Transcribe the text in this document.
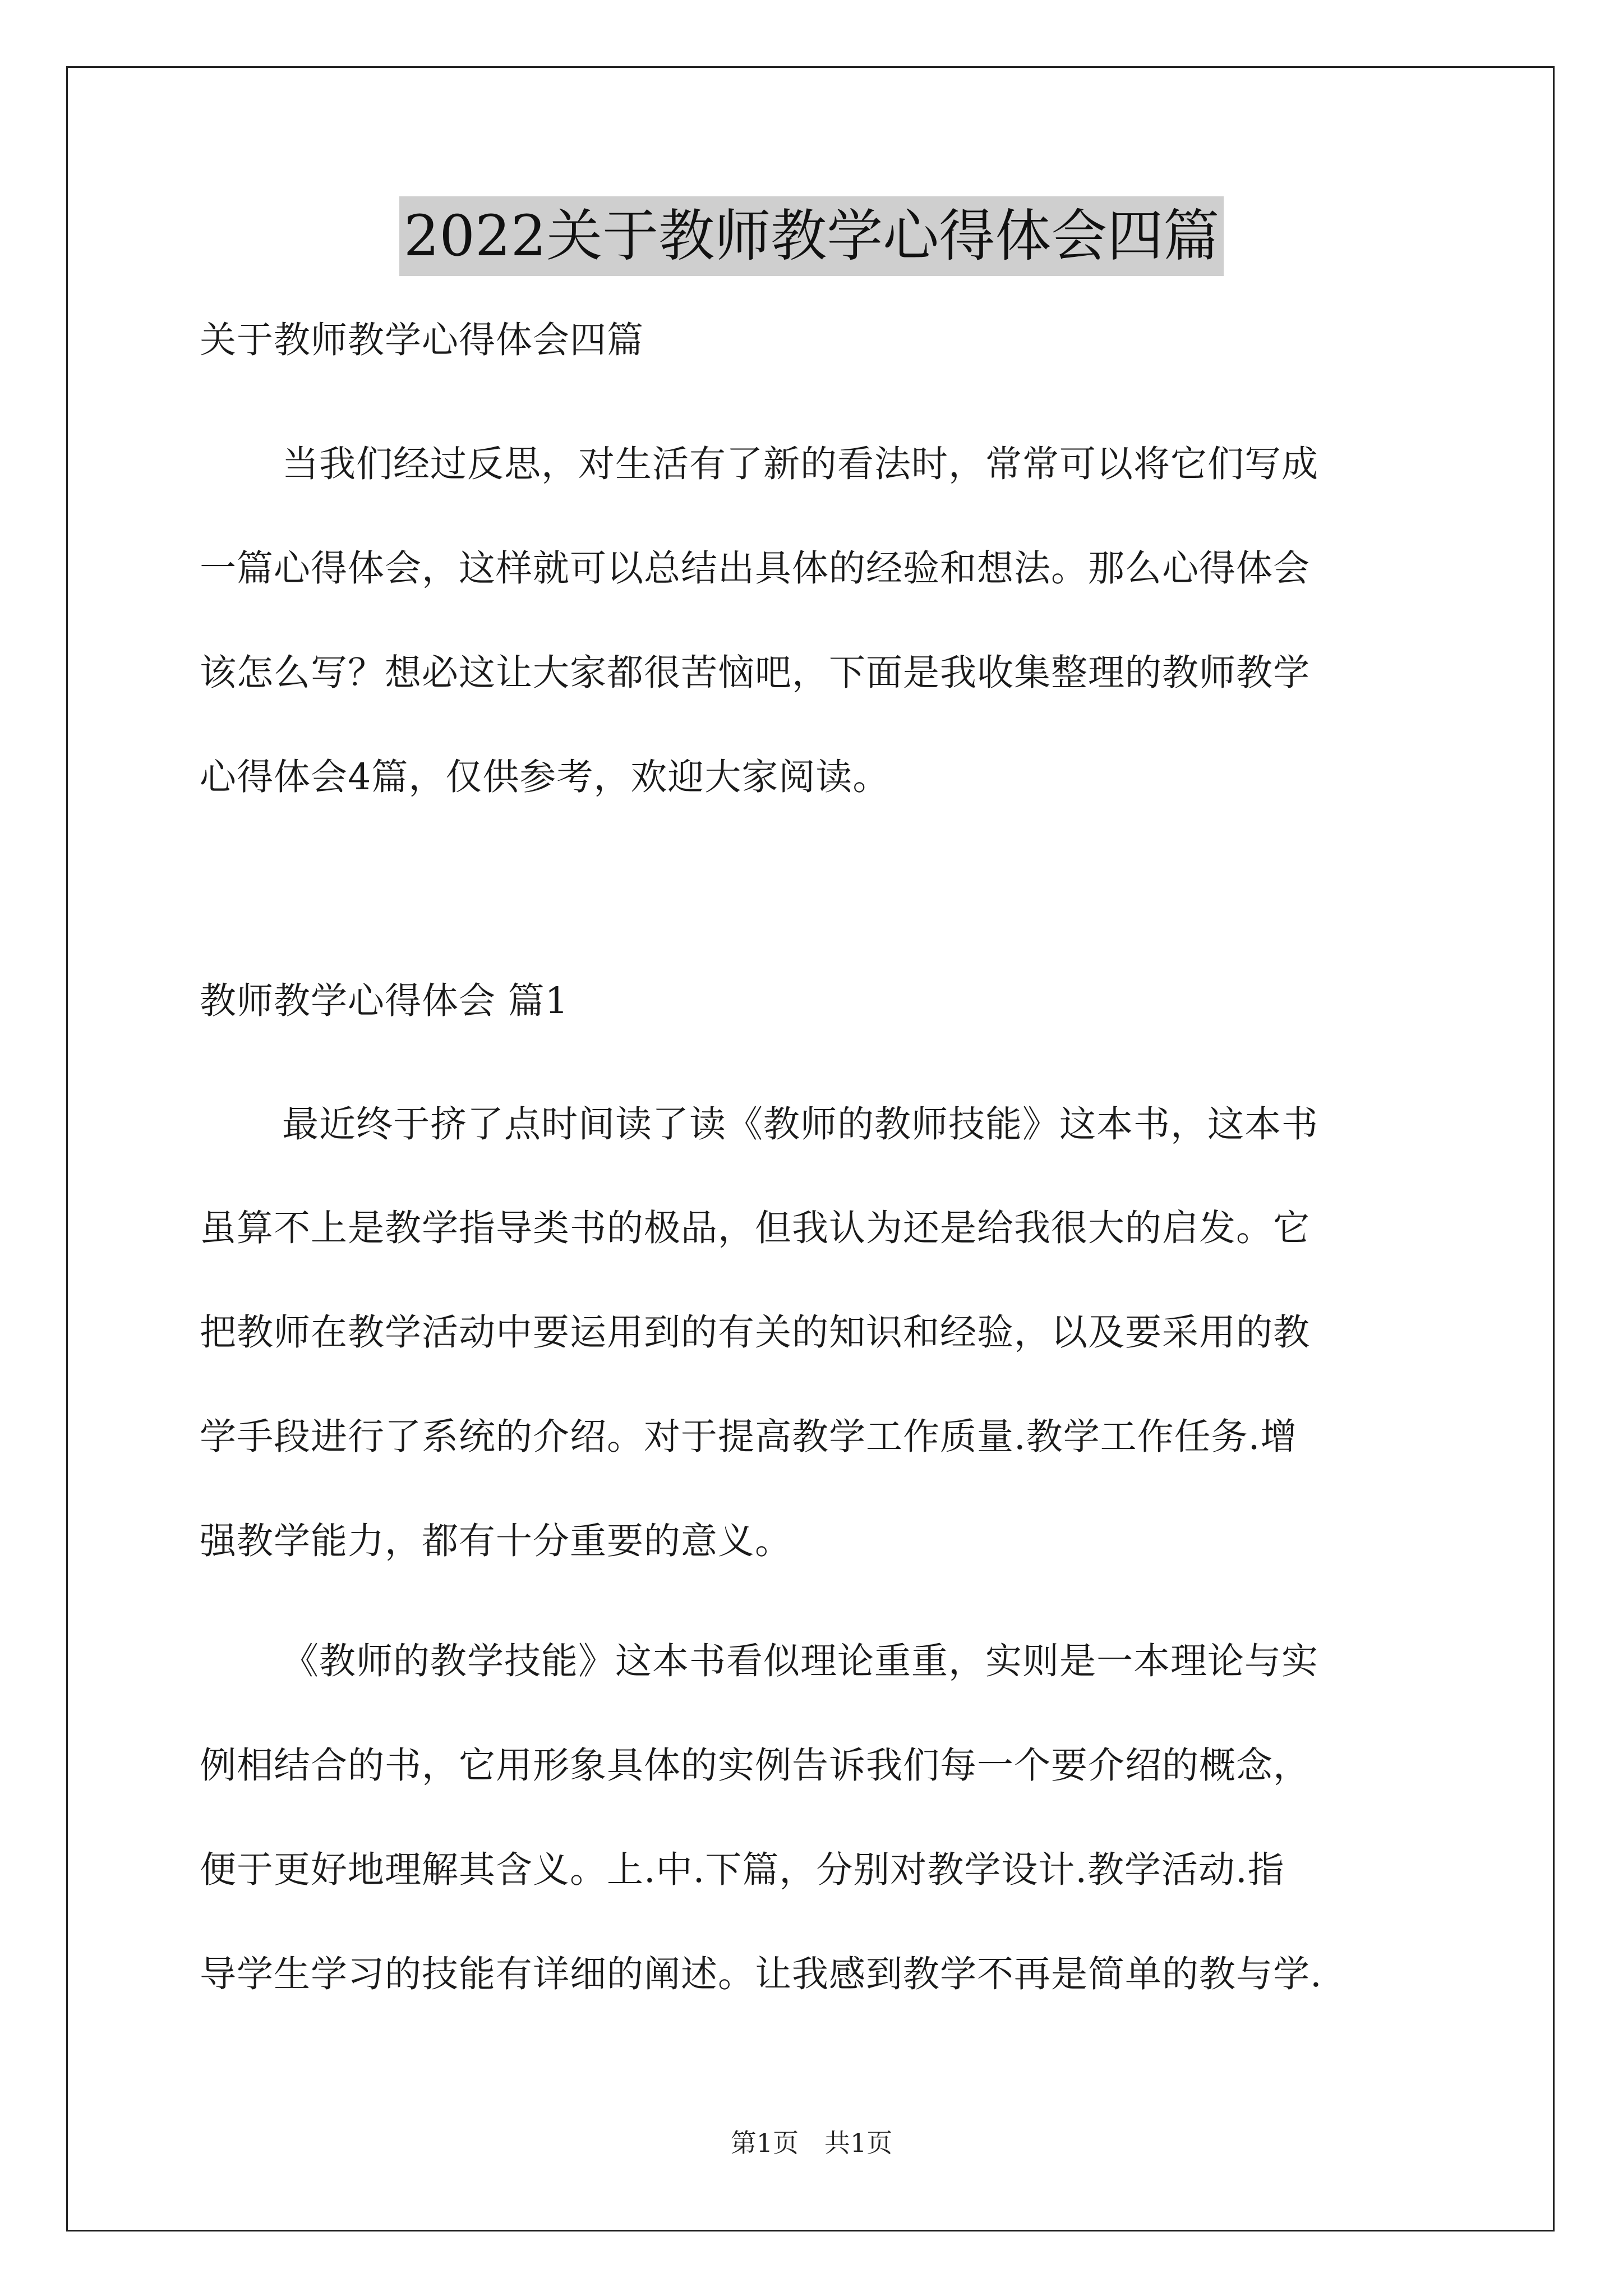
2022关于教师教学心得体会四篇
关于教师教学心得体会四篇
当我们经过反思，对生活有了新的看法时，常常可以将它们写成
一篇心得体会，这样就可以总结出具体的经验和想法。那么心得体会
该怎么写？想必这让大家都很苦恼吧，下面是我收集整理的教师教学
心得体会4篇，仅供参考，欢迎大家阅读。
教师教学心得体会 篇1
最近终于挤了点时间读了读《教师的教师技能》这本书，这本书
虽算不上是教学指导类书的极品，但我认为还是给我很大的启发。它
把教师在教学活动中要运用到的有关的知识和经验，以及要采用的教
学手段进行了系统的介绍。对于提高教学工作质量.教学工作任务.增
强教学能力，都有十分重要的意义。
《教师的教学技能》这本书看似理论重重，实则是一本理论与实
例相结合的书，它用形象具体的实例告诉我们每一个要介绍的概念，
便于更好地理解其含义。上.中.下篇，分别对教学设计.教学活动.指
导学生学习的技能有详细的阐述。让我感到教学不再是简单的教与学.
第1页　共1页
